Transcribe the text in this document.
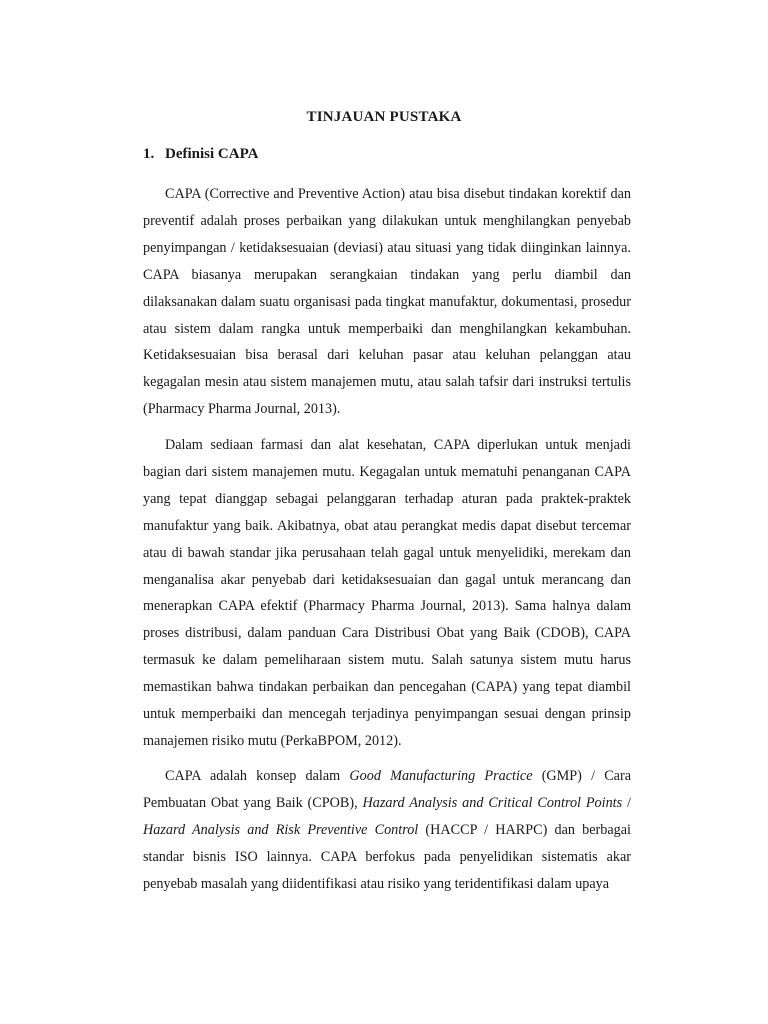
TINJAUAN PUSTAKA
1. Definisi CAPA

CAPA (Corrective and Preventive Action) atau bisa disebut tindakan korektif dan preventif adalah proses perbaikan yang dilakukan untuk menghilangkan penyebab penyimpangan / ketidaksesuaian (deviasi) atau situasi yang tidak diinginkan lainnya. CAPA biasanya merupakan serangkaian tindakan yang perlu diambil dan dilaksanakan dalam suatu organisasi pada tingkat manufaktur, dokumentasi, prosedur atau sistem dalam rangka untuk memperbaiki dan menghilangkan kekambuhan. Ketidaksesuaian bisa berasal dari keluhan pasar atau keluhan pelanggan atau kegagalan mesin atau sistem manajemen mutu, atau salah tafsir dari instruksi tertulis (Pharmacy Pharma Journal, 2013).

Dalam sediaan farmasi dan alat kesehatan, CAPA diperlukan untuk menjadi bagian dari sistem manajemen mutu. Kegagalan untuk mematuhi penanganan CAPA yang tepat dianggap sebagai pelanggaran terhadap aturan pada praktek-praktek manufaktur yang baik. Akibatnya, obat atau perangkat medis dapat disebut tercemar atau di bawah standar jika perusahaan telah gagal untuk menyelidiki, merekam dan menganalisa akar penyebab dari ketidaksesuaian dan gagal untuk merancang dan menerapkan CAPA efektif (Pharmacy Pharma Journal, 2013). Sama halnya dalam proses distribusi, dalam panduan Cara Distribusi Obat yang Baik (CDOB), CAPA termasuk ke dalam pemeliharaan sistem mutu. Salah satunya sistem mutu harus memastikan bahwa tindakan perbaikan dan pencegahan (CAPA) yang tepat diambil untuk memperbaiki dan mencegah terjadinya penyimpangan sesuai dengan prinsip manajemen risiko mutu (PerkaBPOM, 2012).

CAPA adalah konsep dalam Good Manufacturing Practice (GMP) / Cara Pembuatan Obat yang Baik (CPOB), Hazard Analysis and Critical Control Points / Hazard Analysis and Risk Preventive Control (HACCP / HARPC) dan berbagai standar bisnis ISO lainnya. CAPA berfokus pada penyelidikan sistematis akar penyebab masalah yang diidentifikasi atau risiko yang teridentifikasi dalam upaya
